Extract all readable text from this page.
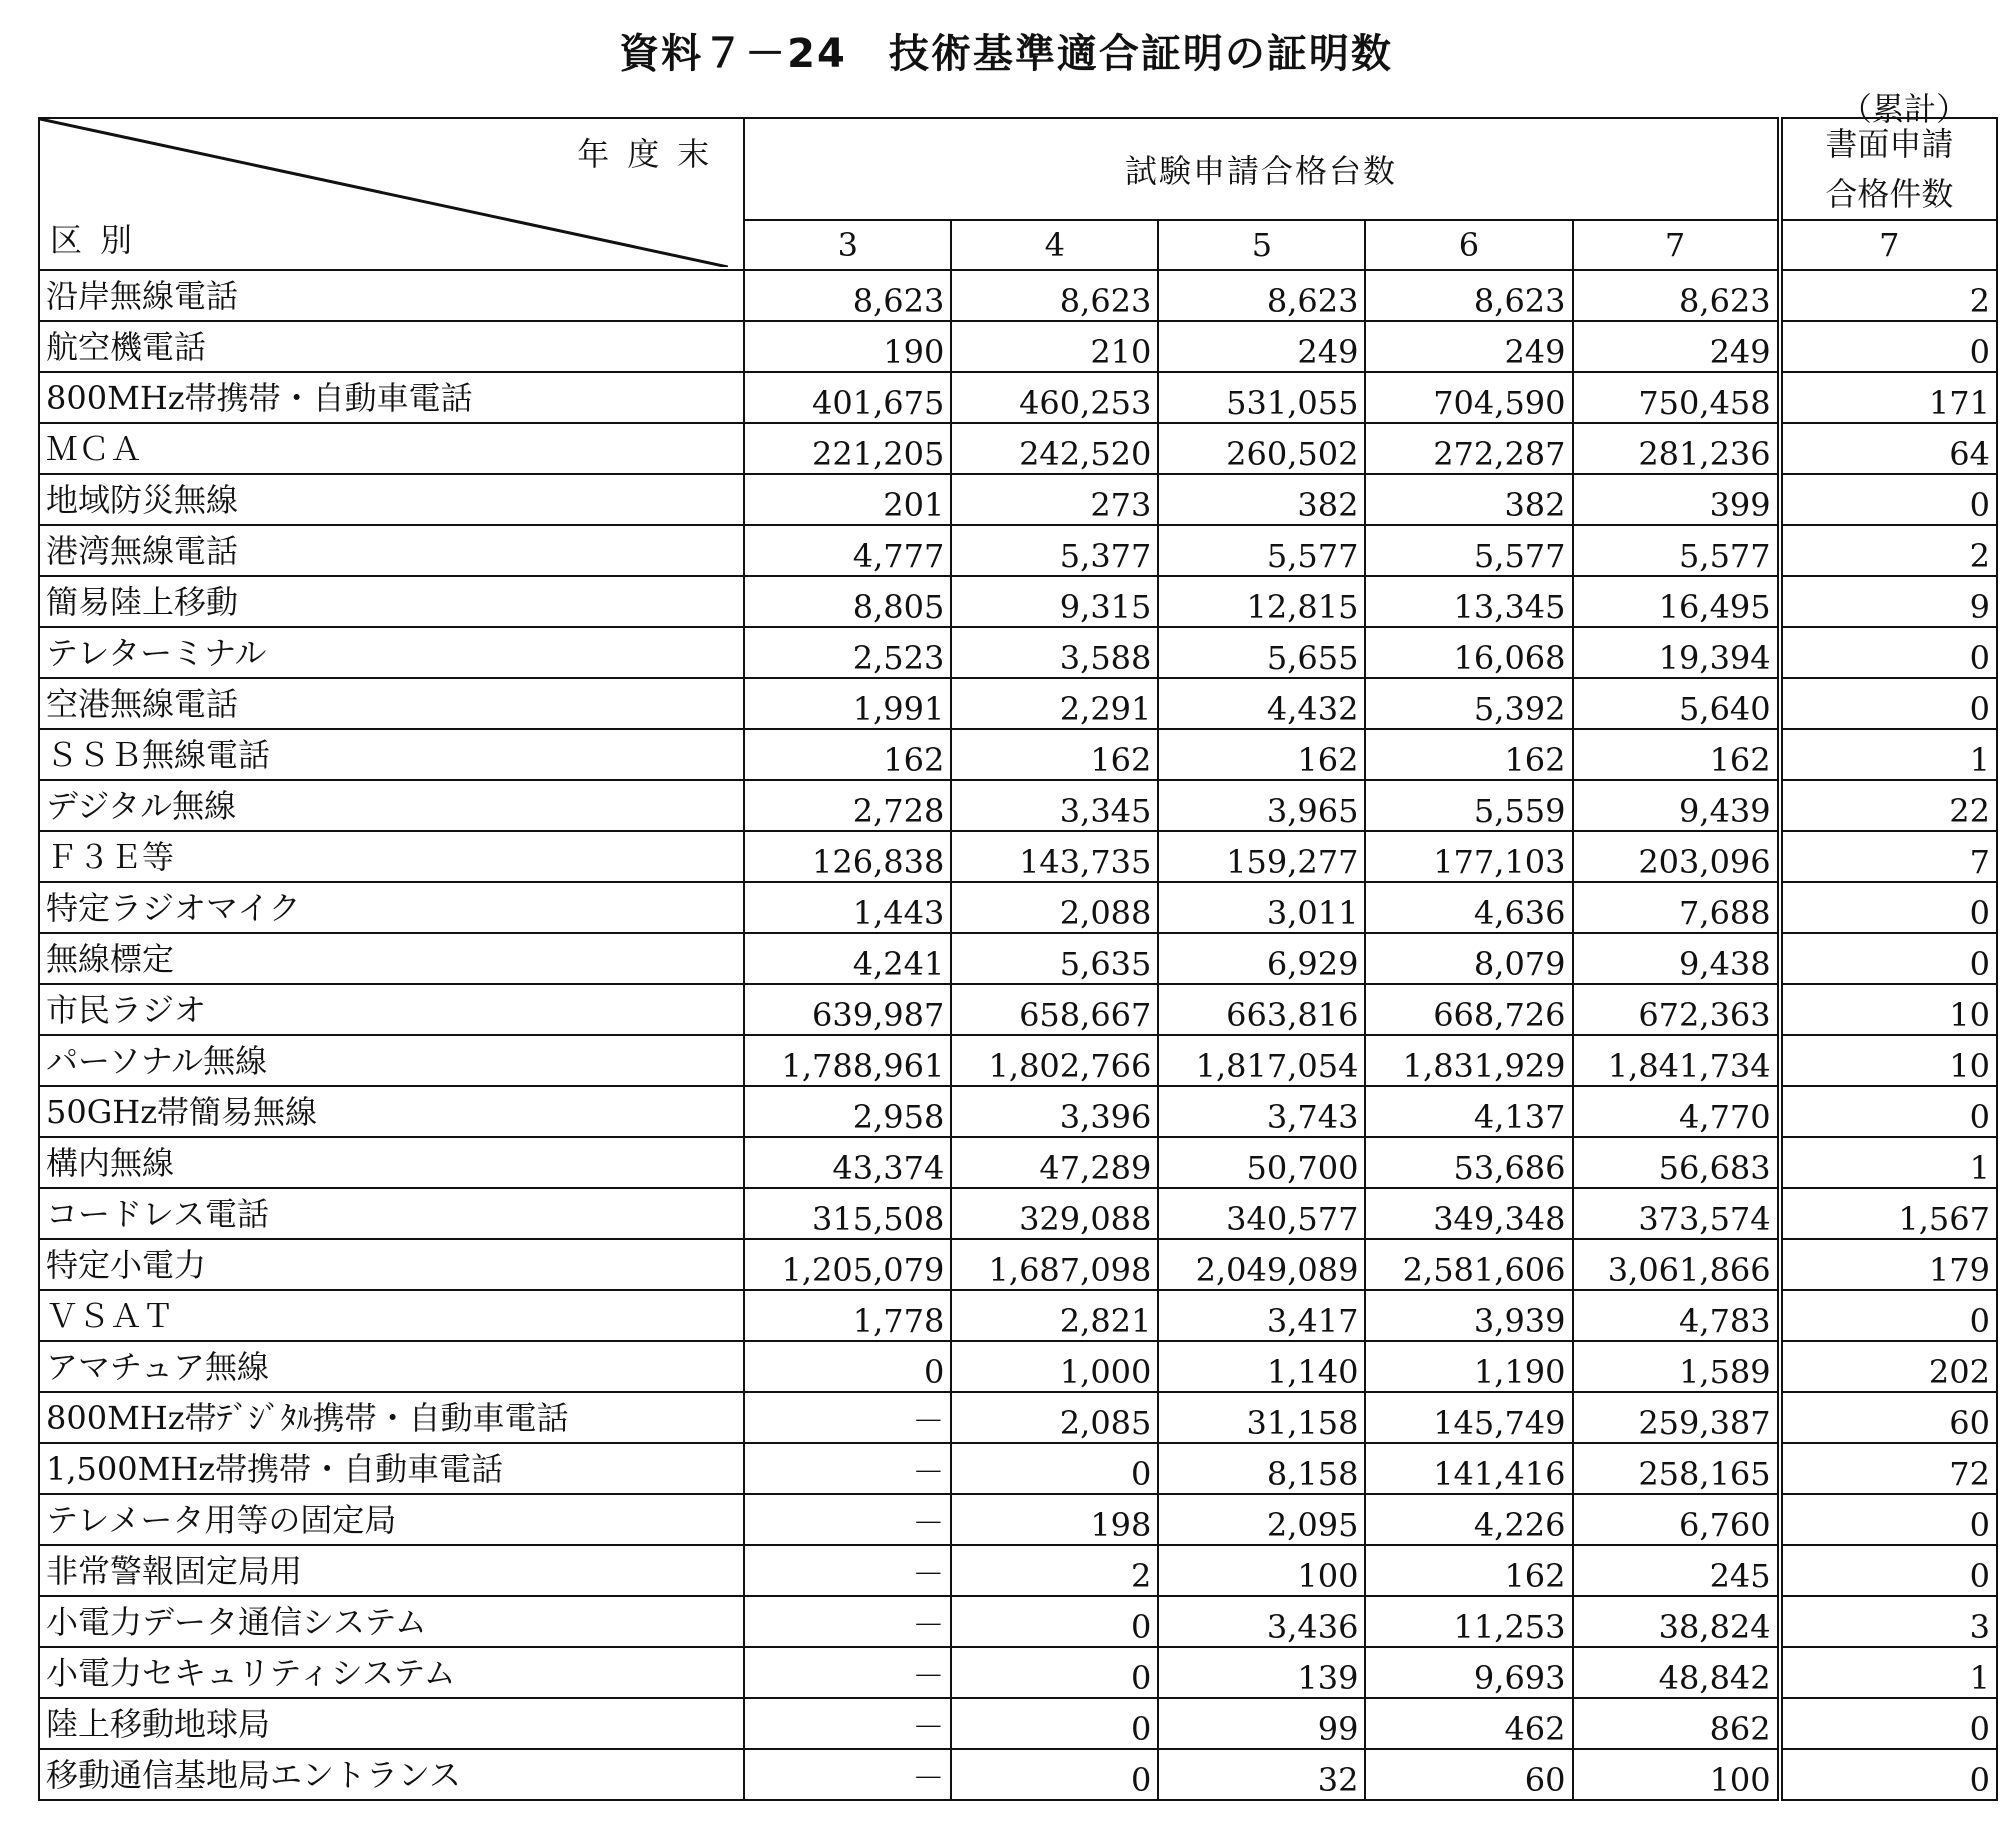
資料７－24　技術基準適合証明の証明数
（累計）
年度末
区別	試験申請合格台数					書面申請
合格件数
	3	4	5	6	7	7
沿岸無線電話	8,623	8,623	8,623	8,623	8,623	2
航空機電話	190	210	249	249	249	0
800MHz帯携帯・自動車電話	401,675	460,253	531,055	704,590	750,458	171
ＭＣＡ	221,205	242,520	260,502	272,287	281,236	64
地域防災無線	201	273	382	382	399	0
港湾無線電話	4,777	5,377	5,577	5,577	5,577	2
簡易陸上移動	8,805	9,315	12,815	13,345	16,495	9
テレターミナル	2,523	3,588	5,655	16,068	19,394	0
空港無線電話	1,991	2,291	4,432	5,392	5,640	0
ＳＳＢ無線電話	162	162	162	162	162	1
デジタル無線	2,728	3,345	3,965	5,559	9,439	22
Ｆ３Ｅ等	126,838	143,735	159,277	177,103	203,096	7
特定ラジオマイク	1,443	2,088	3,011	4,636	7,688	0
無線標定	4,241	5,635	6,929	8,079	9,438	0
市民ラジオ	639,987	658,667	663,816	668,726	672,363	10
パーソナル無線	1,788,961	1,802,766	1,817,054	1,831,929	1,841,734	10
50GHz帯簡易無線	2,958	3,396	3,743	4,137	4,770	0
構内無線	43,374	47,289	50,700	53,686	56,683	1
コードレス電話	315,508	329,088	340,577	349,348	373,574	1,567
特定小電力	1,205,079	1,687,098	2,049,089	2,581,606	3,061,866	179
ＶＳＡＴ	1,778	2,821	3,417	3,939	4,783	0
アマチュア無線	0	1,000	1,140	1,190	1,589	202
800MHz帯ﾃﾞｼﾞﾀﾙ携帯・自動車電話	－	2,085	31,158	145,749	259,387	60
1,500MHz帯携帯・自動車電話	－	0	8,158	141,416	258,165	72
テレメータ用等の固定局	－	198	2,095	4,226	6,760	0
非常警報固定局用	－	2	100	162	245	0
小電力データ通信システム	－	0	3,436	11,253	38,824	3
小電力セキュリティシステム	－	0	139	9,693	48,842	1
陸上移動地球局	－	0	99	462	862	0
移動通信基地局エントランス	－	0	32	60	100	0
